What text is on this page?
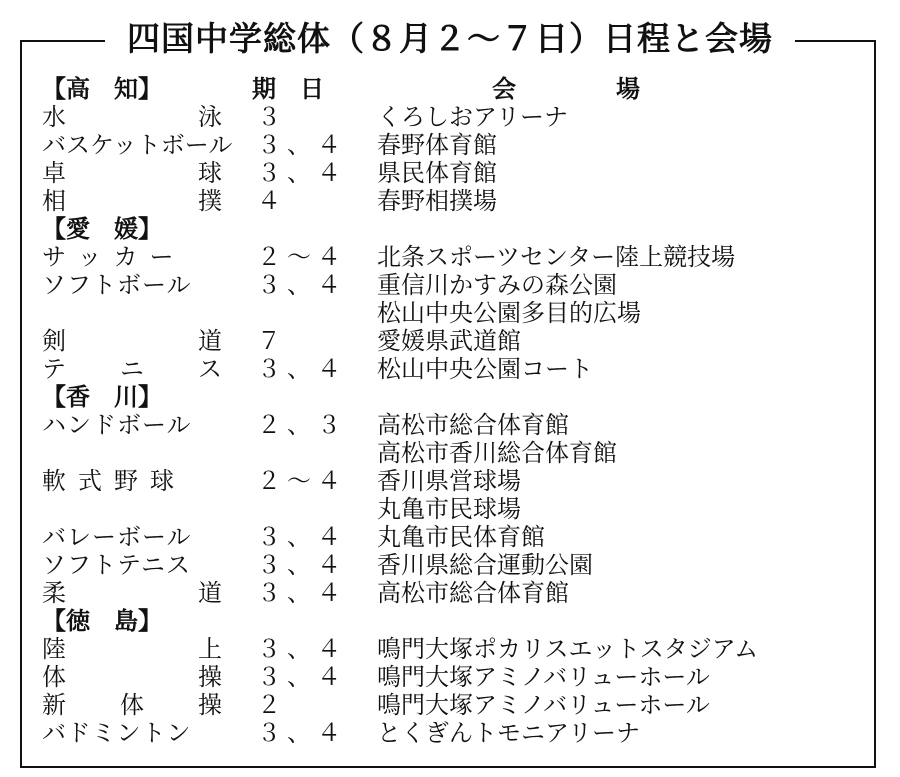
四国中学総体（８月２～７日）日程と会場
【高　知】	期日	会場
水	泳 ３	くろしおアリーナ
バスケットボール ３、４	春野体育館
卓	球 ３、４	県民体育館
相	撲 ４	春野相撲場
【愛　媛】
サッカー	２～４	北条スポーツセンター陸上競技場
ソフトボール	３、４	重信川かすみの森公園
松山中央公園多目的広場
剣	道 ７	愛媛県武道館
テ ニ ス ３、４	松山中央公園コート
【香　川】
ハンドボール	２、３	高松市総合体育館
高松市香川総合体育館
軟式野球	２～４	香川県営球場
丸亀市民球場
バレーボール	３、４	丸亀市民体育館
ソフトテニス	３、４	香川県総合運動公園
柔	道 ３、４	高松市総合体育館
【徳　島】
陸	上 ３、４	鳴門大塚ポカリスエットスタジアム
体	操 ３、４	鳴門大塚アミノバリューホール
新 体 操 ２	鳴門大塚アミノバリューホール
バドミントン	３、４	とくぎんトモニアリーナ
